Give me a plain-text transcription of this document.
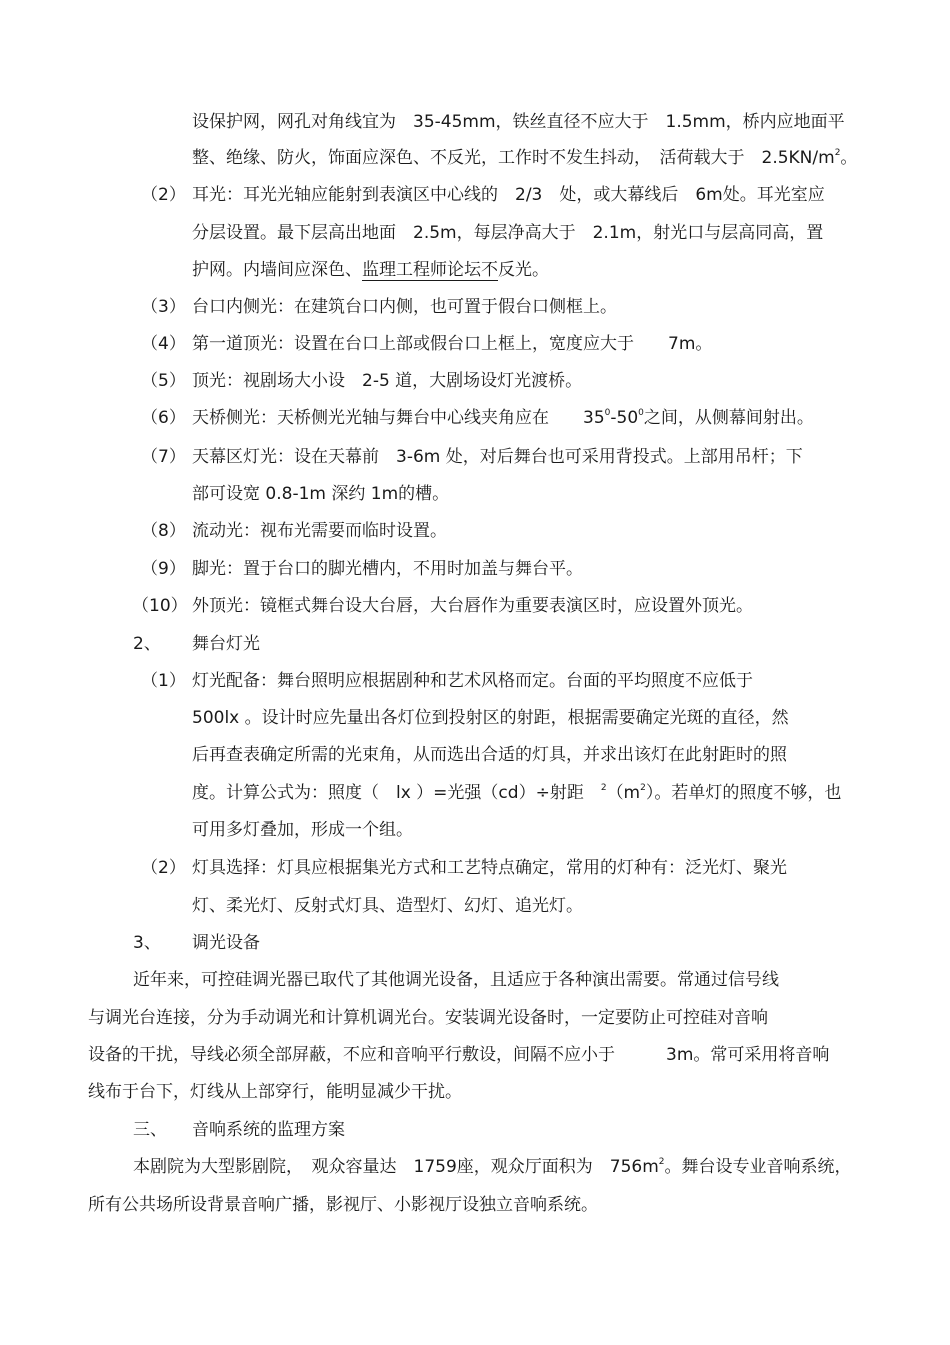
设保护网，网孔对角线宜为　35-45mm，铁丝直径不应大于　1.5mm，桥内应地面平
整、绝缘、防火，饰面应深色、不反光，工作时不发生抖动，　活荷载大于　$2.5KN/m^2$。
（2） 耳光：耳光光轴应能射到表演区中心线的　2/3　处，或大幕线后　6m处。耳光室应
分层设置。最下层高出地面　2.5m，每层净高大于　2.1m，射光口与层高同高，置
护网。内墙间应深色、监理工程师论坛不反光。
（3） 台口内侧光：在建筑台口内侧，也可置于假台口侧框上。
（4） 第一道顶光：设置在台口上部或假台口上框上，宽度应大于　　7m。
（5） 顶光：视剧场大小设　2-5 道，大剧场设灯光渡桥。
（6） 天桥侧光：天桥侧光光轴与舞台中心线夹角应在　　$35^0-50^0$之间，从侧幕间射出。
（7） 天幕区灯光：设在天幕前　3-6m 处，对后舞台也可采用背投式。上部用吊杆；下
部可设宽 0.8-1m 深约 1m的槽。
（8） 流动光：视布光需要而临时设置。
（9） 脚光：置于台口的脚光槽内，不用时加盖与舞台平。
（10） 外顶光：镜框式舞台设大台唇，大台唇作为重要表演区时，应设置外顶光。
2、 舞台灯光
（1） 灯光配备：舞台照明应根据剧种和艺术风格而定。台面的平均照度不应低于
500lx 。设计时应先量出各灯位到投射区的射距，根据需要确定光斑的直径，然
后再查表确定所需的光束角，从而选出合适的灯具，并求出该灯在此射距时的照
度。计算公式为：照度（　lx ）=光强（cd）÷射距　$^2(m^2)$。若单灯的照度不够，也
可用多灯叠加，形成一个组。
（2） 灯具选择：灯具应根据集光方式和工艺特点确定，常用的灯种有：泛光灯、聚光
灯、柔光灯、反射式灯具、造型灯、幻灯、追光灯。
3、 调光设备
近年来，可控硅调光器已取代了其他调光设备，且适应于各种演出需要。常通过信号线
与调光台连接，分为手动调光和计算机调光台。安装调光设备时，一定要防止可控硅对音响
设备的干扰，导线必须全部屏蔽，不应和音响平行敷设，间隔不应小于　　　3m。常可采用将音响
线布于台下，灯线从上部穿行，能明显减少干扰。
三、 音响系统的监理方案
本剧院为大型影剧院，　观众容量达　1759座，观众厅面积为　$756m^2$。舞台设专业音响系统，
所有公共场所设背景音响广播，影视厅、小影视厅设独立音响系统。
